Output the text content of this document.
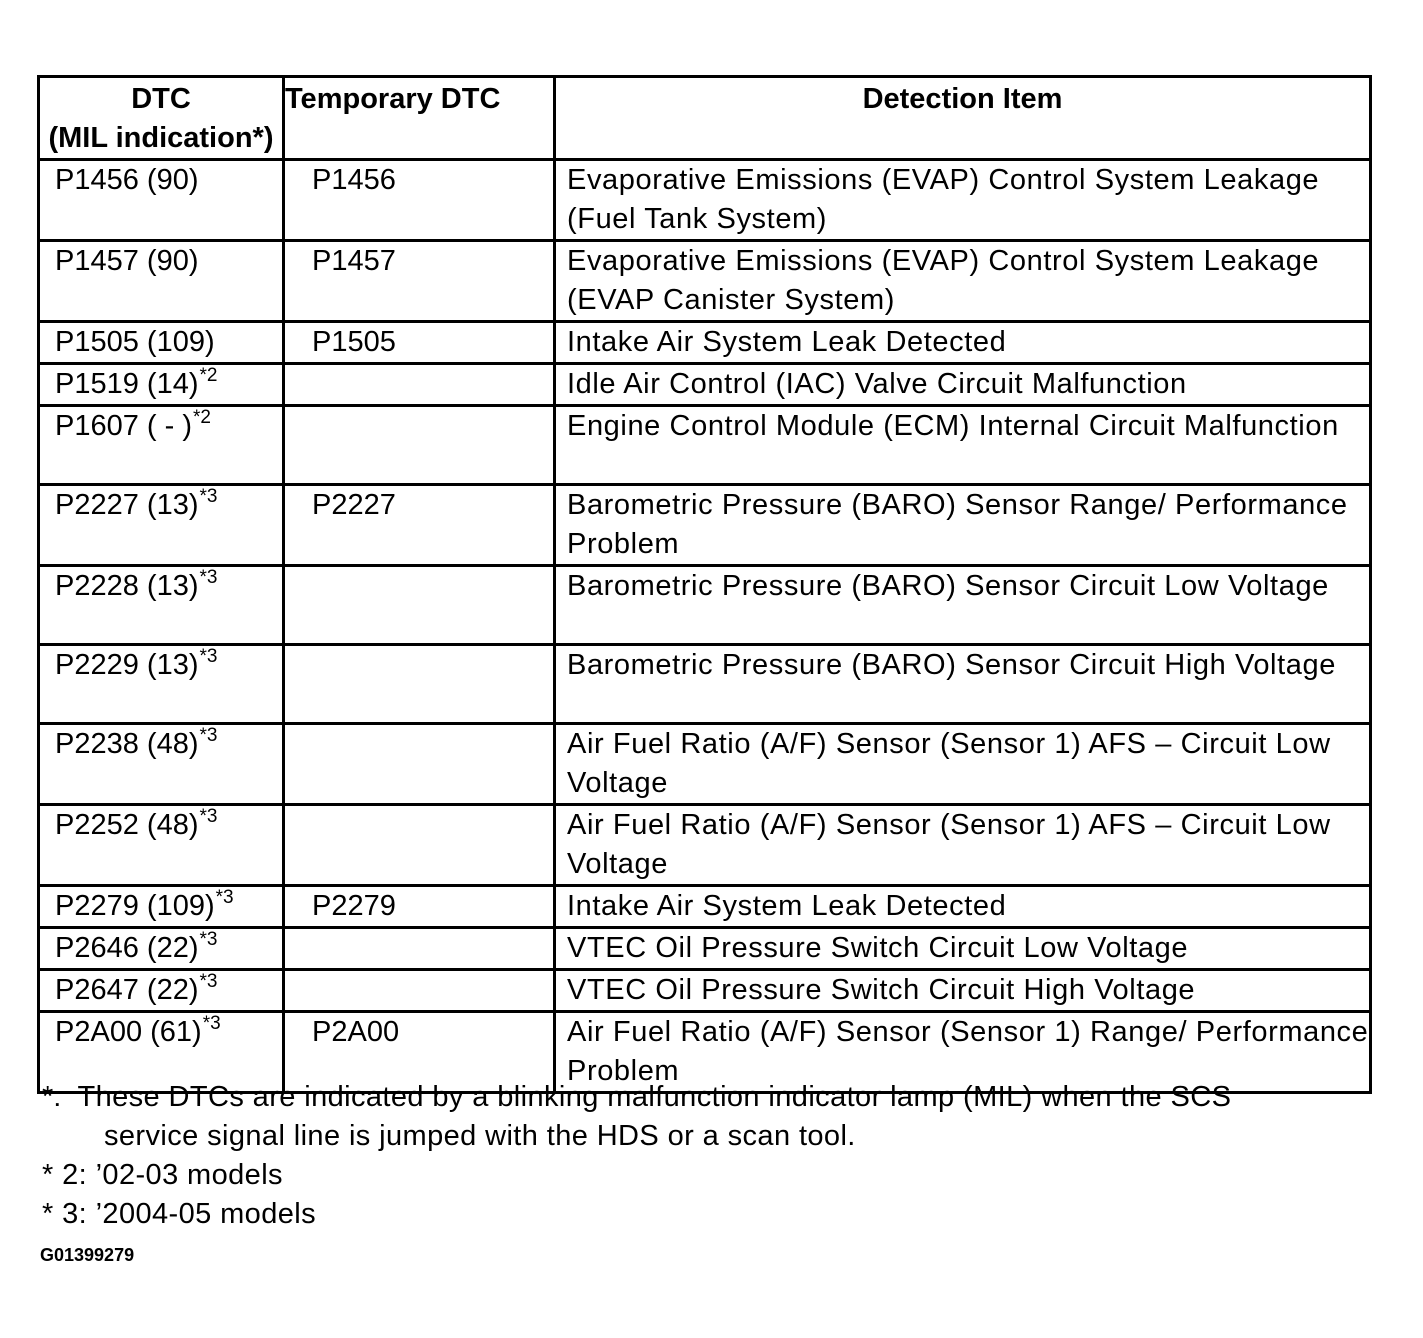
DTC
(MIL indication*)	Temporary DTC	Detection Item
P1456 (90)	P1456	Evaporative Emissions (EVAP) Control System Leakage (Fuel Tank System)
P1457 (90)	P1457	Evaporative Emissions (EVAP) Control System Leakage (EVAP Canister System)
P1505 (109)	P1505	Intake Air System Leak Detected
P1519 (14)$^{*2}$		Idle Air Control (IAC) Valve Circuit Malfunction
P1607 ( - )$^{*2}$		Engine Control Module (ECM) Internal Circuit Malfunction
P2227 (13)$^{*3}$	P2227	Barometric Pressure (BARO) Sensor Range/ Performance Problem
P2228 (13)$^{*3}$		Barometric Pressure (BARO) Sensor Circuit Low Voltage
P2229 (13)$^{*3}$		Barometric Pressure (BARO) Sensor Circuit High Voltage
P2238 (48)$^{*3}$		Air Fuel Ratio (A/F) Sensor (Sensor 1) AFS – Circuit Low Voltage
P2252 (48)$^{*3}$		Air Fuel Ratio (A/F) Sensor (Sensor 1) AFS – Circuit Low Voltage
P2279 (109)$^{*3}$	P2279	Intake Air System Leak Detected
P2646 (22)$^{*3}$		VTEC Oil Pressure Switch Circuit Low Voltage
P2647 (22)$^{*3}$		VTEC Oil Pressure Switch Circuit High Voltage
P2A00 (61)$^{*3}$	P2A00	Air Fuel Ratio (A/F) Sensor (Sensor 1) Range/ Performance Problem
*: These DTCs are indicated by a blinking malfunction indicator lamp (MIL) when the SCS
service signal line is jumped with the HDS or a scan tool.
* 2: ’02-03 models
* 3: ’2004-05 models
G01399279
